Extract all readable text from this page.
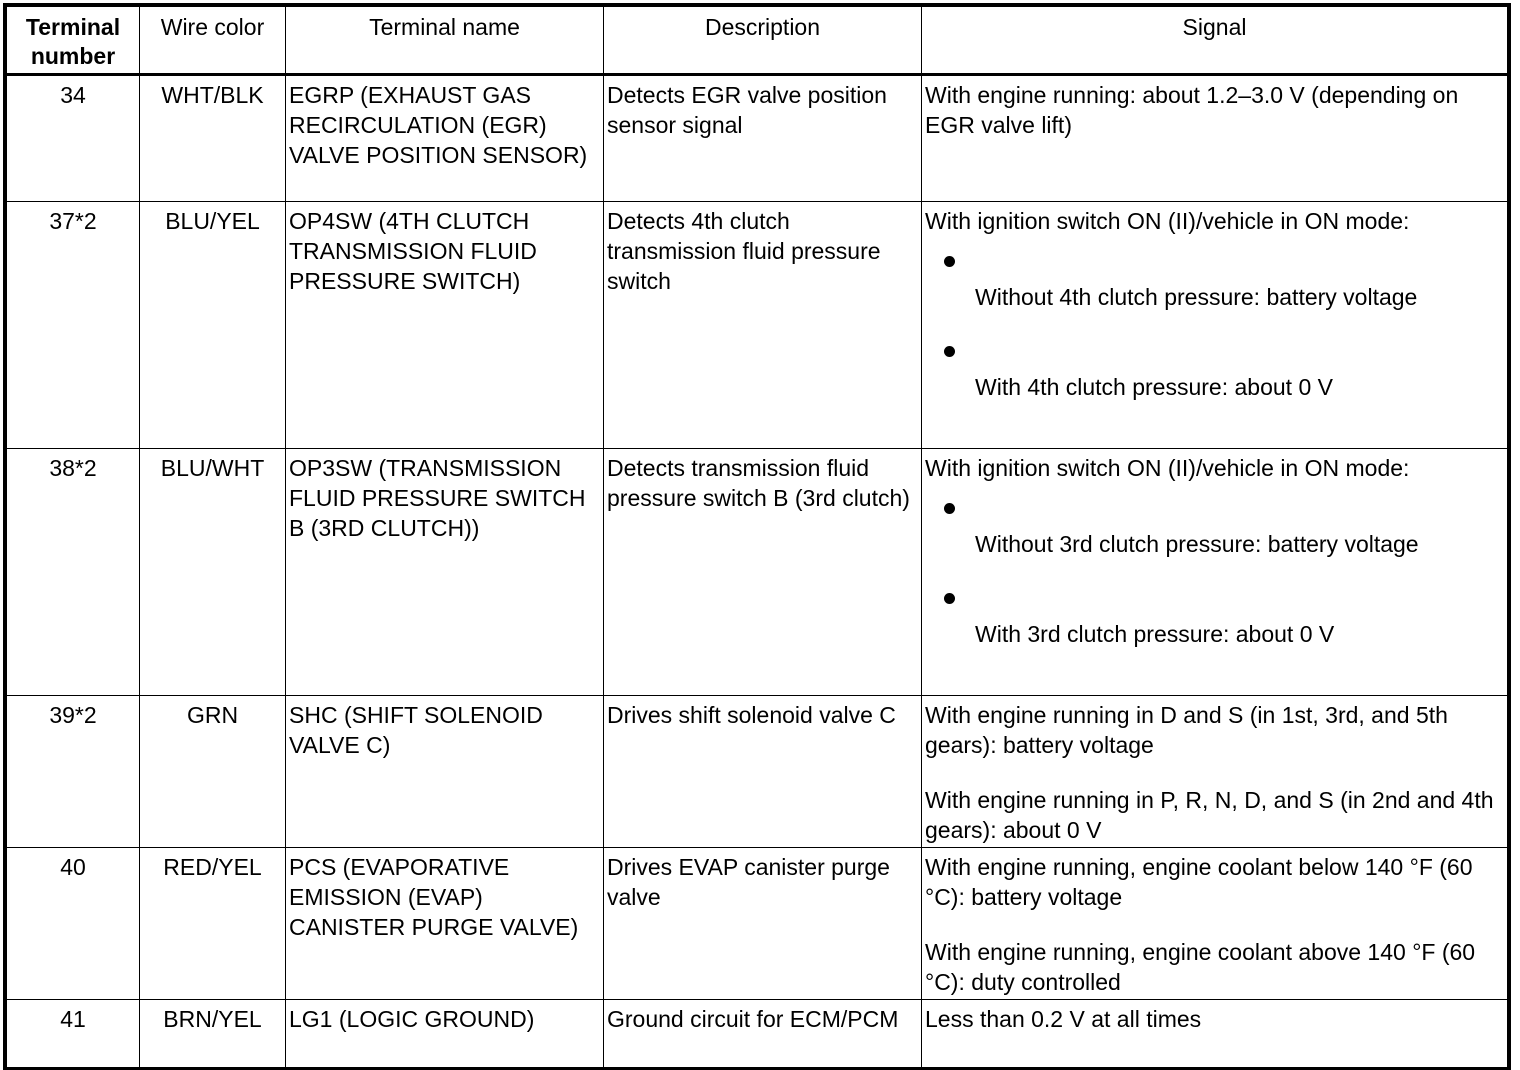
Terminal number	Wire color	Terminal name	Description	Signal
34	WHT/BLK	EGRP (EXHAUST GAS RECIRCULATION (EGR) VALVE POSITION SENSOR)	Detects EGR valve position sensor signal	With engine running: about 1.2–3.0 V (depending on EGR valve lift)

37*2	BLU/YEL	OP4SW (4TH CLUTCH TRANSMISSION FLUID PRESSURE SWITCH)	Detects 4th clutch transmission fluid pressure switch	With ignition switch ON (II)/vehicle in ON mode:
Without 4th clutch pressure: battery voltage
With 4th clutch pressure: about 0 V

38*2	BLU/WHT	OP3SW (TRANSMISSION FLUID PRESSURE SWITCH B (3RD CLUTCH))	Detects transmission fluid pressure switch B (3rd clutch)	With ignition switch ON (II)/vehicle in ON mode:
Without 3rd clutch pressure: battery voltage
With 3rd clutch pressure: about 0 V

39*2	GRN	SHC (SHIFT SOLENOID VALVE C)	Drives shift solenoid valve C	With engine running in D and S (in 1st, 3rd, and 5th gears): battery voltage
With engine running in P, R, N, D, and S (in 2nd and 4th gears): about 0 V

40	RED/YEL	PCS (EVAPORATIVE EMISSION (EVAP) CANISTER PURGE VALVE)	Drives EVAP canister purge valve	With engine running, engine coolant below 140 °F (60 °C): battery voltage
With engine running, engine coolant above 140 °F (60 °C): duty controlled

41	BRN/YEL	LG1 (LOGIC GROUND)	Ground circuit for ECM/PCM	Less than 0.2 V at all times
